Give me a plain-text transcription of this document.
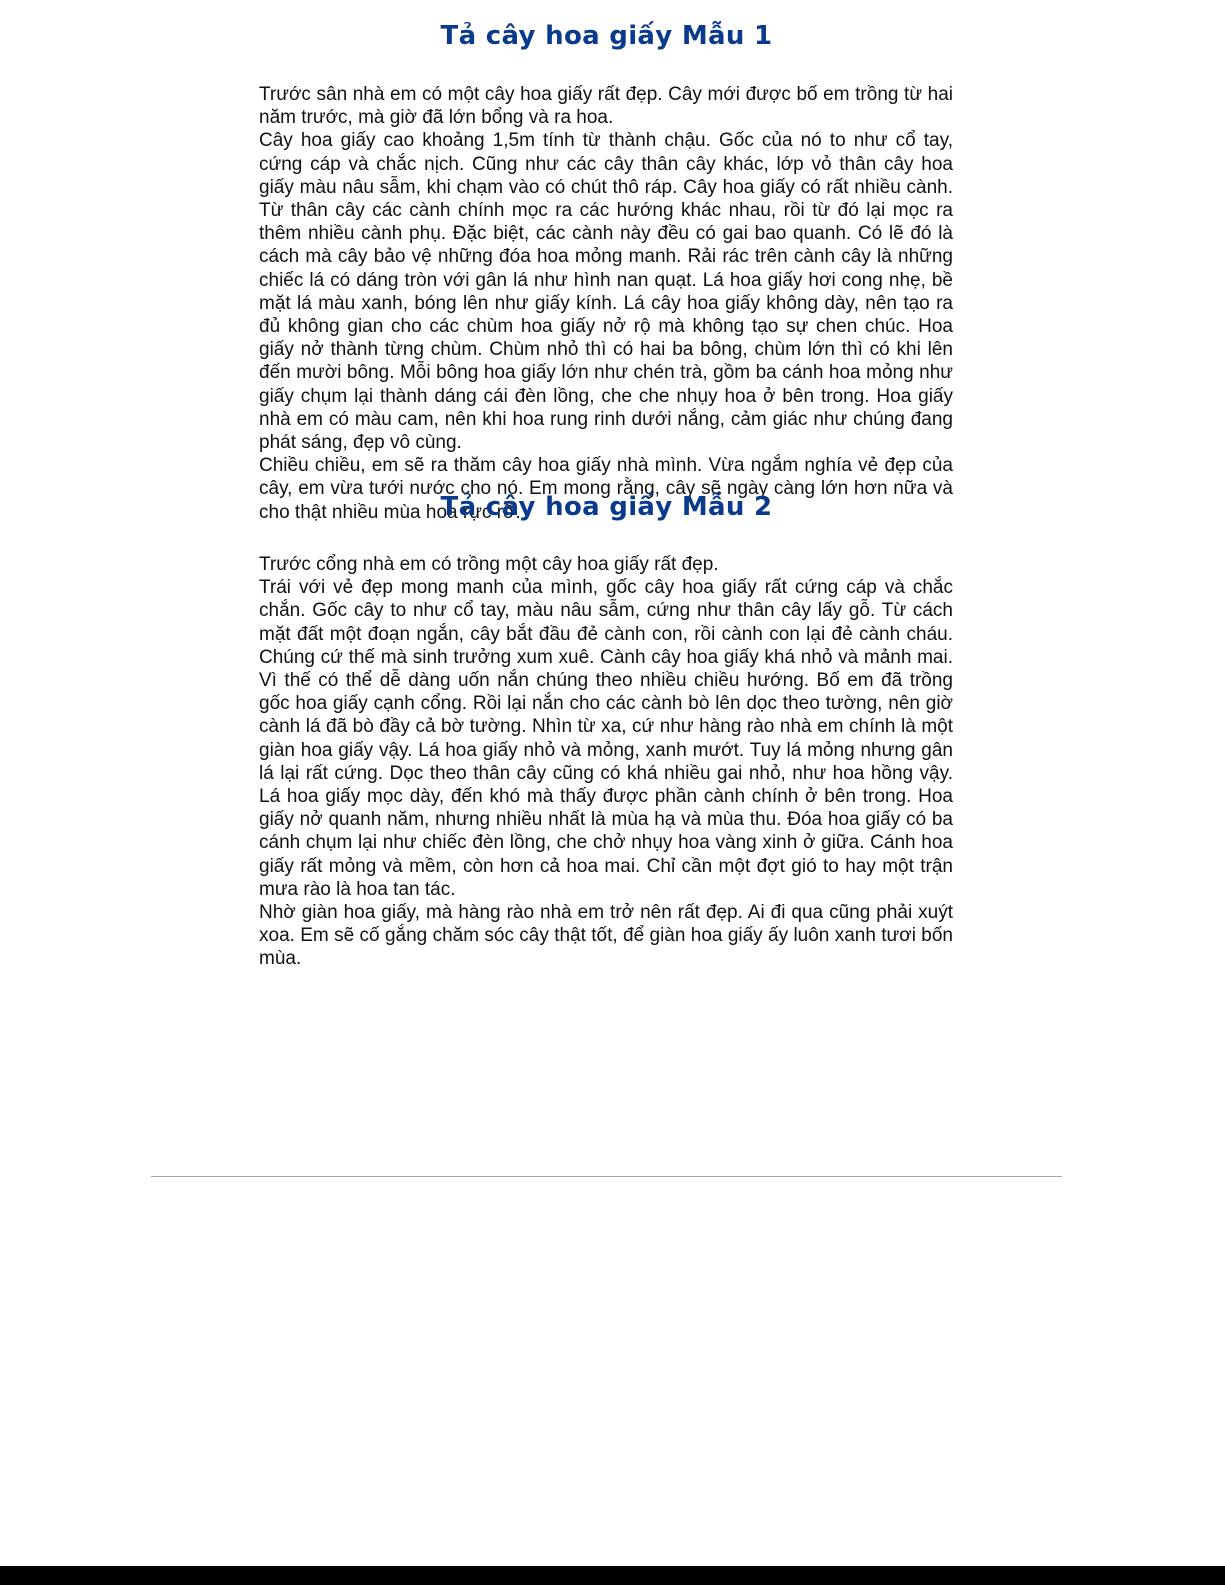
Trước sân nhà em có một cây hoa giấy rất đẹp. Cây mới được bố em trồng từ hai năm trước, mà giờ đã lớn bổng và ra hoa.

Cây hoa giấy cao khoảng 1,5m tính từ thành chậu. Gốc của nó to như cổ tay, cứng cáp và chắc nịch. Cũng như các cây thân cây khác, lớp vỏ thân cây hoa giấy màu nâu sẫm, khi chạm vào có chút thô ráp. Cây hoa giấy có rất nhiều cành. Từ thân cây các cành chính mọc ra các hướng khác nhau, rồi từ đó lại mọc ra thêm nhiều cành phụ. Đặc biệt, các cành này đều có gai bao quanh. Có lẽ đó là cách mà cây bảo vệ những đóa hoa mỏng manh. Rải rác trên cành cây là những chiếc lá có dáng tròn với gân lá như hình nan quạt. Lá hoa giấy hơi cong nhẹ, bề mặt lá màu xanh, bóng lên như giấy kính. Lá cây hoa giấy không dày, nên tạo ra đủ không gian cho các chùm hoa giấy nở rộ mà không tạo sự chen chúc. Hoa giấy nở thành từng chùm. Chùm nhỏ thì có hai ba bông, chùm lớn thì có khi lên đến mười bông. Mỗi bông hoa giấy lớn như chén trà, gồm ba cánh hoa mỏng như giấy chụm lại thành dáng cái đèn lồng, che che nhụy hoa ở bên trong. Hoa giấy nhà em có màu cam, nên khi hoa rung rinh dưới nắng, cảm giác như chúng đang phát sáng, đẹp vô cùng.

Chiều chiều, em sẽ ra thăm cây hoa giấy nhà mình. Vừa ngắm nghía vẻ đẹp của cây, em vừa tưới nước cho nó. Em mong rằng, cây sẽ ngày càng lớn hơn nữa và cho thật nhiều mùa hoa rực rỡ.

Tả cây hoa giấy Mẫu 1
Tả cây hoa giấy Mẫu 2

Trước cổng nhà em có trồng một cây hoa giấy rất đẹp.

Trái với vẻ đẹp mong manh của mình, gốc cây hoa giấy rất cứng cáp và chắc chắn. Gốc cây to như cổ tay, màu nâu sẫm, cứng như thân cây lấy gỗ. Từ cách mặt đất một đoạn ngắn, cây bắt đầu đẻ cành con, rồi cành con lại đẻ cành cháu. Chúng cứ thế mà sinh trưởng xum xuê. Cành cây hoa giấy khá nhỏ và mảnh mai. Vì thế có thể dễ dàng uốn nắn chúng theo nhiều chiều hướng. Bố em đã trồng gốc hoa giấy cạnh cổng. Rồi lại nắn cho các cành bò lên dọc theo tường, nên giờ cành lá đã bò đầy cả bờ tường. Nhìn từ xa, cứ như hàng rào nhà em chính là một giàn hoa giấy vậy. Lá hoa giấy nhỏ và mỏng, xanh mướt. Tuy lá mỏng nhưng gân lá lại rất cứng. Dọc theo thân cây cũng có khá nhiều gai nhỏ, như hoa hồng vậy. Lá hoa giấy mọc dày, đến khó mà thấy được phần cành chính ở bên trong. Hoa giấy nở quanh năm, nhưng nhiều nhất là mùa hạ và mùa thu. Đóa hoa giấy có ba cánh chụm lại như chiếc đèn lồng, che chở nhụy hoa vàng xinh ở giữa. Cánh hoa giấy rất mỏng và mềm, còn hơn cả hoa mai. Chỉ cần một đợt gió to hay một trận mưa rào là hoa tan tác.

Nhờ giàn hoa giấy, mà hàng rào nhà em trở nên rất đẹp. Ai đi qua cũng phải xuýt xoa. Em sẽ cố gắng chăm sóc cây thật tốt, để giàn hoa giấy ấy luôn xanh tươi bốn mùa.
